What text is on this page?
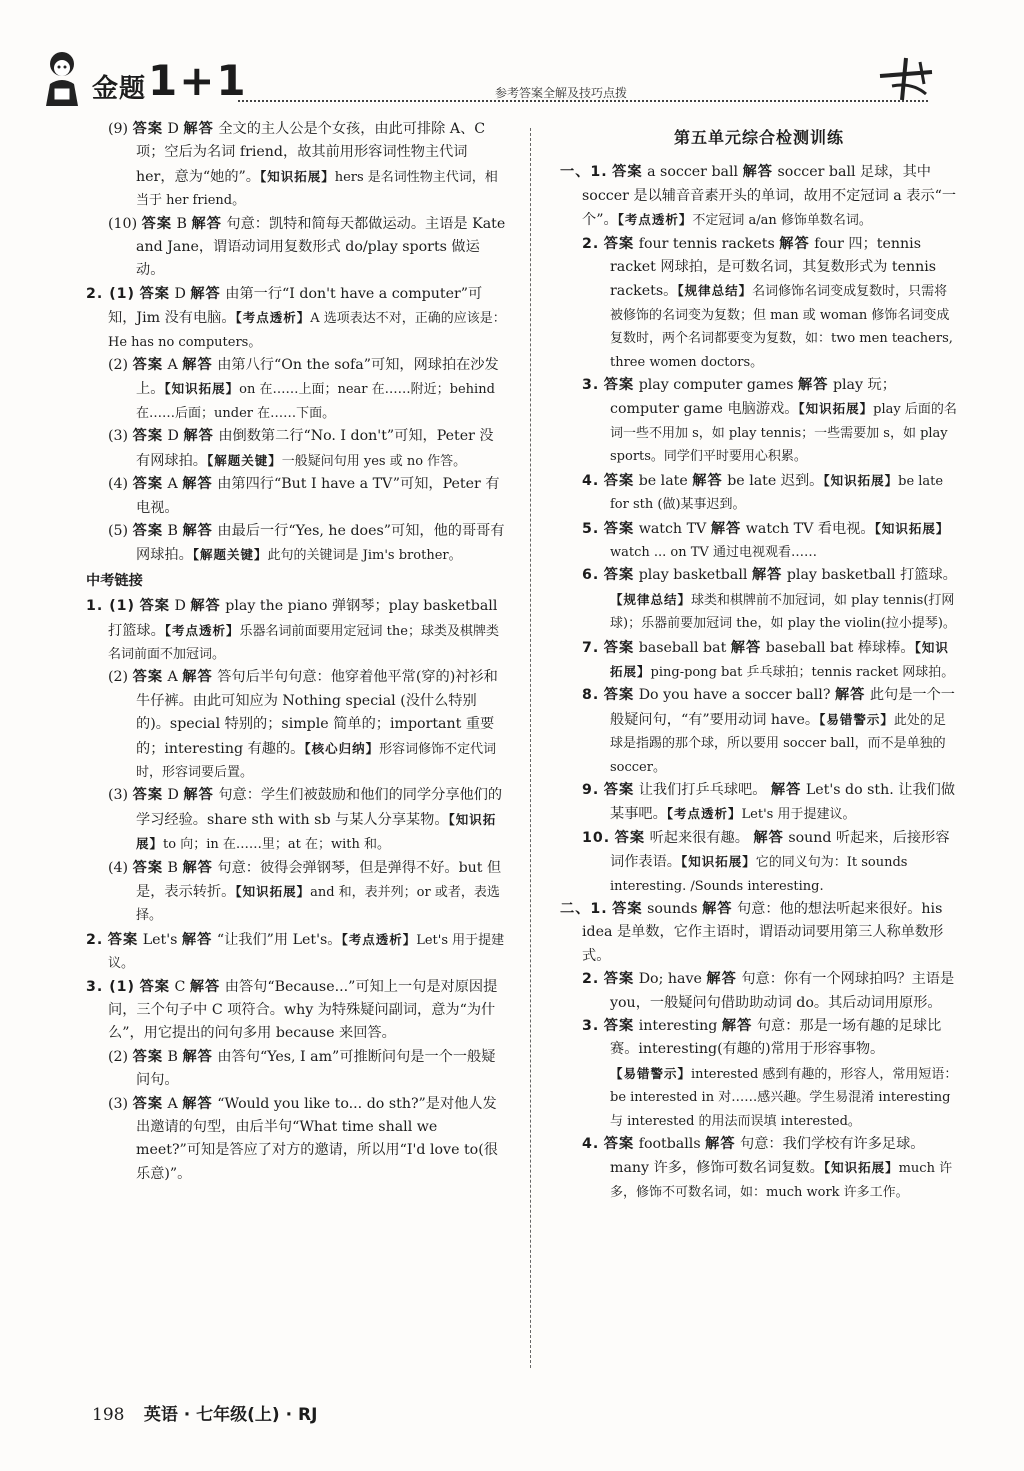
金题 1+1	参考答案全解及技巧点拨

(9) 答案 D 解答 全文的主人公是个女孩，由此可排除 A、C 项；空后为名词 friend，故其前用形容词性物主代词 her，意为“她的”。【知识拓展】hers 是名词性物主代词，相当于 her friend。

(10) 答案 B 解答 句意：凯特和简每天都做运动。主语是 Kate and Jane，谓语动词用复数形式 do/play sports 做运动。

2. (1) 答案 D 解答 由第一行“I don't have a computer”可知，Jim 没有电脑。【考点透析】A 选项表达不对，正确的应该是：He has no computers。

(2) 答案 A 解答 由第八行“On the sofa”可知，网球拍在沙发上。【知识拓展】on 在……上面；near 在……附近；behind 在……后面；under 在……下面。

(3) 答案 D 解答 由倒数第二行“No. I don't”可知，Peter 没有网球拍。【解题关键】一般疑问句用 yes 或 no 作答。

(4) 答案 A 解答 由第四行“But I have a TV”可知，Peter 有电视。

(5) 答案 B 解答 由最后一行“Yes, he does”可知，他的哥哥有网球拍。【解题关键】此句的关键词是 Jim's brother。

中考链接

1. (1) 答案 D 解答 play the piano 弹钢琴；play basketball 打篮球。【考点透析】乐器名词前面要用定冠词 the；球类及棋牌类名词前面不加冠词。

(2) 答案 A 解答 答句后半句句意：他穿着他平常(穿的)衬衫和牛仔裤。由此可知应为 Nothing special (没什么特别的)。special 特别的；simple 简单的；important 重要的；interesting 有趣的。【核心归纳】形容词修饰不定代词时，形容词要后置。

(3) 答案 D 解答 句意：学生们被鼓励和他们的同学分享他们的学习经验。share sth with sb 与某人分享某物。【知识拓展】to 向；in 在……里；at 在；with 和。

(4) 答案 B 解答 句意：彼得会弹钢琴，但是弹得不好。but 但是，表示转折。【知识拓展】and 和，表并列；or 或者，表选择。

2. 答案 Let's 解答 “让我们”用 Let's。【考点透析】Let's 用于提建议。

3. (1) 答案 C 解答 由答句“Because...”可知上一句是对原因提问，三个句子中 C 项符合。why 为特殊疑问副词，意为“为什么”，用它提出的问句多用 because 来回答。

(2) 答案 B 解答 由答句“Yes, I am”可推断问句是一个一般疑问句。

(3) 答案 A 解答 “Would you like to... do sth?”是对他人发出邀请的句型，由后半句“What time shall we meet?”可知是答应了对方的邀请，所以用“I'd love to(很乐意)”。

第五单元综合检测训练

一、1. 答案 a soccer ball 解答 soccer ball 足球，其中 soccer 是以辅音音素开头的单词，故用不定冠词 a 表示“一个”。【考点透析】不定冠词 a/an 修饰单数名词。

2. 答案 four tennis rackets 解答 four 四；tennis racket 网球拍，是可数名词，其复数形式为 tennis rackets。【规律总结】名词修饰名词变成复数时，只需将被修饰的名词变为复数；但 man 或 woman 修饰名词变成复数时，两个名词都要变为复数，如：two men teachers, three women doctors。

3. 答案 play computer games 解答 play 玩；computer game 电脑游戏。【知识拓展】play 后面的名词一些不用加 s，如 play tennis；一些需要加 s，如 play sports。同学们平时要用心积累。

4. 答案 be late 解答 be late 迟到。【知识拓展】be late for sth (做)某事迟到。

5. 答案 watch TV 解答 watch TV 看电视。【知识拓展】watch ... on TV 通过电视观看……

6. 答案 play basketball 解答 play basketball 打篮球。【规律总结】球类和棋牌前不加冠词，如 play tennis(打网球)；乐器前要加冠词 the，如 play the violin(拉小提琴)。

7. 答案 baseball bat 解答 baseball bat 棒球棒。【知识拓展】ping-pong bat 乒乓球拍；tennis racket 网球拍。

8. 答案 Do you have a soccer ball? 解答 此句是一个一般疑问句，“有”要用动词 have。【易错警示】此处的足球是指踢的那个球，所以要用 soccer ball，而不是单独的 soccer。

9. 答案 让我们打乒乓球吧。 解答 Let's do sth. 让我们做某事吧。【考点透析】Let's 用于提建议。

10. 答案 听起来很有趣。 解答 sound 听起来，后接形容词作表语。【知识拓展】它的同义句为：It sounds interesting. /Sounds interesting.

二、1. 答案 sounds 解答 句意：他的想法听起来很好。his idea 是单数，它作主语时，谓语动词要用第三人称单数形式。

2. 答案 Do; have 解答 句意：你有一个网球拍吗？主语是 you，一般疑问句借助助动词 do。其后动词用原形。

3. 答案 interesting 解答 句意：那是一场有趣的足球比赛。interesting(有趣的)常用于形容事物。【易错警示】interested 感到有趣的，形容人，常用短语：be interested in 对……感兴趣。学生易混淆 interesting 与 interested 的用法而误填 interested。

4. 答案 footballs 解答 句意：我们学校有许多足球。many 许多，修饰可数名词复数。【知识拓展】much 许多，修饰不可数名词，如：much work 许多工作。

198 英语 · 七年级(上) · RJ
